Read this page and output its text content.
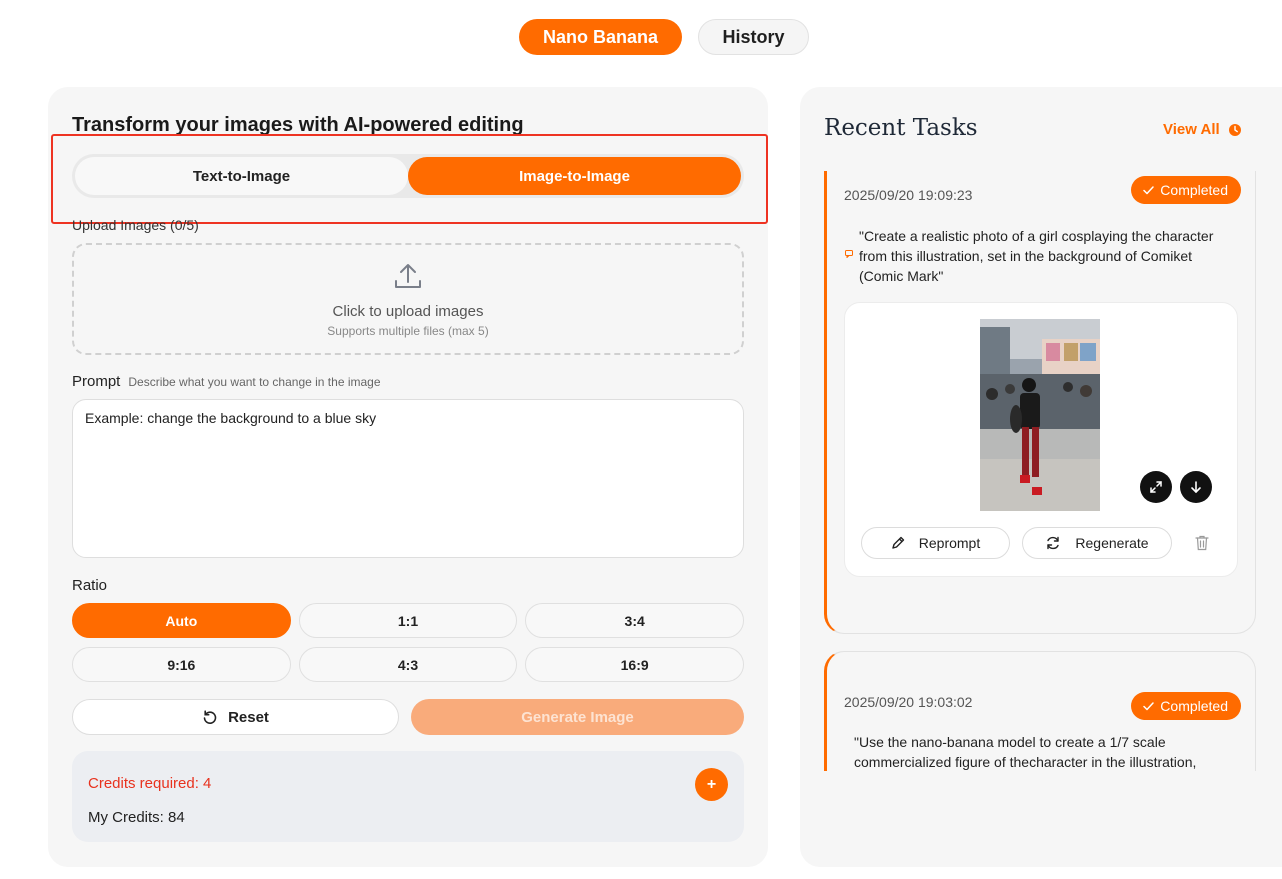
Nano Banana	History
Transform your images with AI-powered editing
Text-to-Image	Image-to-Image
Upload Images (0/5)
Click to upload images
Supports multiple files (max 5)
Prompt Describe what you want to change in the image
Example: change the background to a blue sky
Ratio
Auto	1:1	3:4
9:16	4:3	16:9
Reset	Generate Image
Credits required: 4
My Credits: 84
+
Recent Tasks	View All
2025/09/20 19:09:23	Completed
"Create a realistic photo of a girl cosplaying the character from this illustration, set in the background of Comiket (Comic Mark"
Reprompt	Regenerate
2025/09/20 19:03:02	Completed
"Use the nano-banana model to create a 1/7 scale commercialized figure of thecharacter in the illustration,
